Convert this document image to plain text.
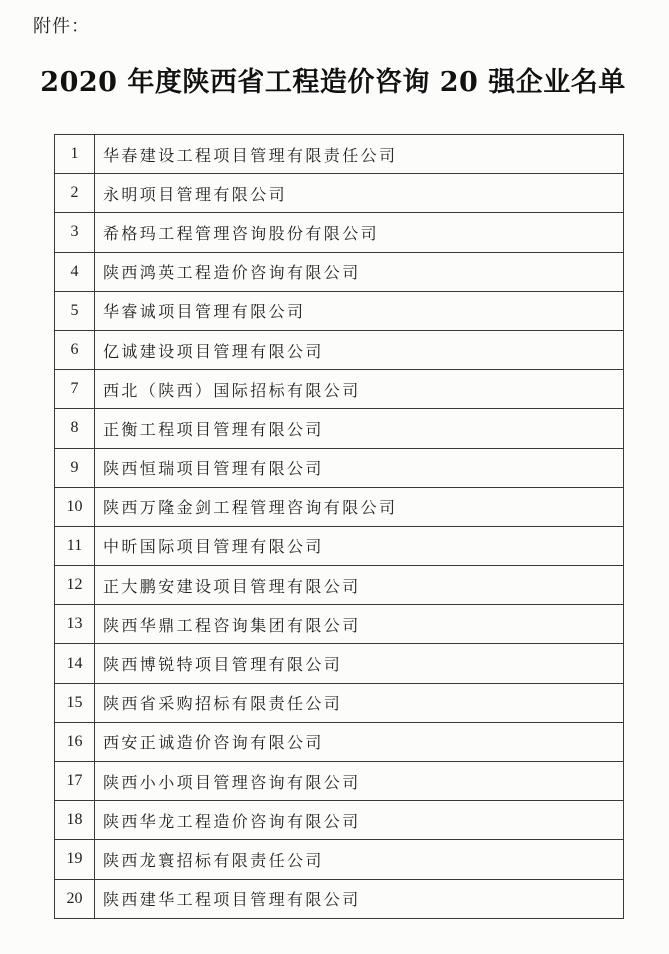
附件：
2020 年度陕西省工程造价咨询 20 强企业名单
1	华春建设工程项目管理有限责任公司
2	永明项目管理有限公司
3	希格玛工程管理咨询股份有限公司
4	陕西鸿英工程造价咨询有限公司
5	华睿诚项目管理有限公司
6	亿诚建设项目管理有限公司
7	西北（陕西）国际招标有限公司
8	正衡工程项目管理有限公司
9	陕西恒瑞项目管理有限公司
10	陕西万隆金剑工程管理咨询有限公司
11	中昕国际项目管理有限公司
12	正大鹏安建设项目管理有限公司
13	陕西华鼎工程咨询集团有限公司
14	陕西博锐特项目管理有限公司
15	陕西省采购招标有限责任公司
16	西安正诚造价咨询有限公司
17	陕西小小项目管理咨询有限公司
18	陕西华龙工程造价咨询有限公司
19	陕西龙寰招标有限责任公司
20	陕西建华工程项目管理有限公司
